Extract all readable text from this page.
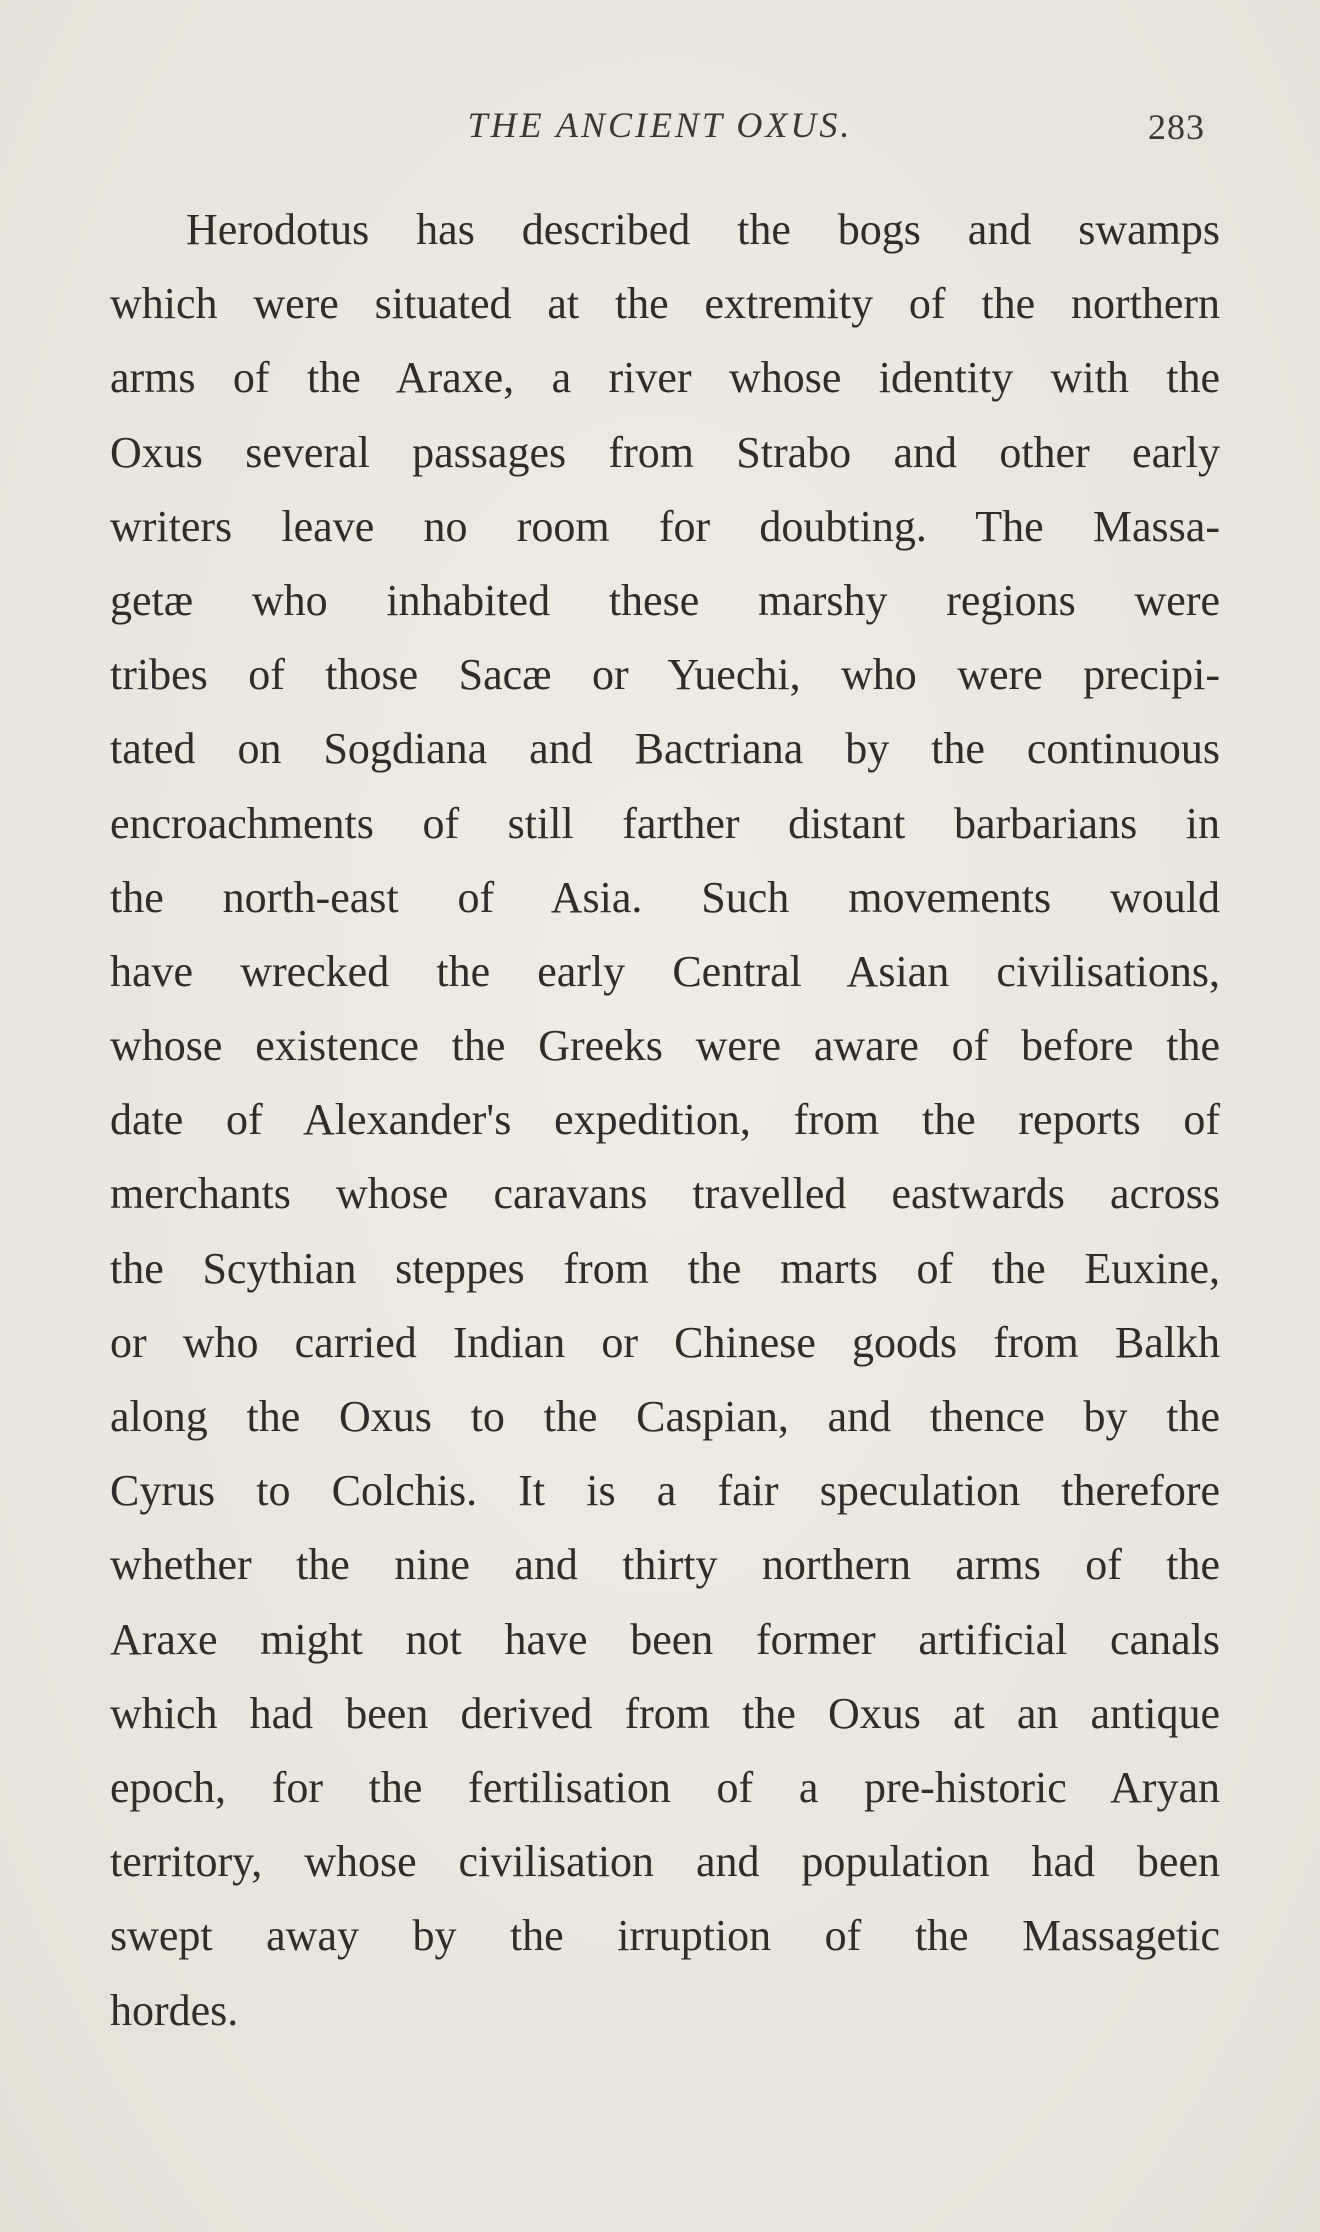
THE ANCIENT OXUS.	283
Herodotus has described the bogs and swamps
which were situated at the extremity of the northern
arms of the Araxe, a river whose identity with the
Oxus several passages from Strabo and other early
writers leave no room for doubting. The Massa-
getæ who inhabited these marshy regions were
tribes of those Sacæ or Yuechi, who were precipi-
tated on Sogdiana and Bactriana by the continuous
encroachments of still farther distant barbarians in
the north-east of Asia. Such movements would
have wrecked the early Central Asian civilisations,
whose existence the Greeks were aware of before the
date of Alexander's expedition, from the reports of
merchants whose caravans travelled eastwards across
the Scythian steppes from the marts of the Euxine,
or who carried Indian or Chinese goods from Balkh
along the Oxus to the Caspian, and thence by the
Cyrus to Colchis. It is a fair speculation therefore
whether the nine and thirty northern arms of the
Araxe might not have been former artificial canals
which had been derived from the Oxus at an antique
epoch, for the fertilisation of a pre-historic Aryan
territory, whose civilisation and population had been
swept away by the irruption of the Massagetic
hordes.
